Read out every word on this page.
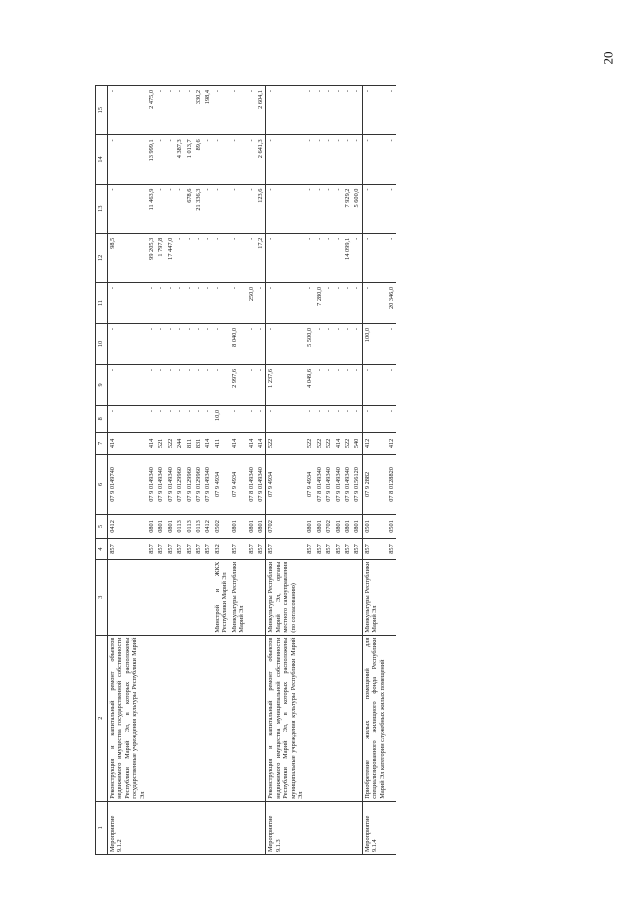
20
1	2	3	4	5	6	7	8	9	10	11	12	13	14	15
Мероприятие 9.1.2	Реконструкция и капитальный ремонт объектов недвижимого имущества государственной собственности Республики Марий Эл, в которых расположены государственные учреждения культуры Республики Марий Эл		857	0412	07 9 0149740	414	-	-	-	-	98,5	-	-	-
			857	0801	07 9 0149340	414	-	-	-	-	99 205,3	11 463,9	13 999,1	2 475,0
			857	0801	07 9 0149340	521	-	-	-	-	1 797,8	-	-	-
			857	0801	07 9 0149340	522	-	-	-	-	17 447,0	-	-	-
			857	0113	07 9 0129960	244	-	-	-	-	-	-	4 387,3	-
			857	0113	07 9 0129960	811	-	-	-	-	-	678,6	1 013,7	-
			857	0113	07 9 0129960	831	-	-	-	-	-	21 336,3	89,6	330,2
			857	0412	07 9 0149340	414	-	-	-	-	-	-	-	198,4
		Минстрой и ЖКХ Республики Марий Эл	832	0502	07 9 4934	411	10,0	-	-	-	-	-	-	-
		Минкультуры Республики Марий Эл	857	0801	07 9 4934	414	-	2 997,6	8 040,0	-	-	-	-	-
			857	0801	07 8 0149340	414	-	-	-	250,0	-	-	-	-
			857	0801	07 9 0149340	414	-	-	-	-	17,2	123,6	2 641,3	2 604,1
Мероприятие 9.1.3	Реконструкция и капитальный ремонт объектов недвижимого имущества муниципальной собственности Республики Марий Эл, в которых расположены муниципальные учреждения культуры Республики Марий Эл	Минкультуры Республики Марий Эл, органы местного самоуправления (по согласованию)	857	0702	07 9 4934	522	-	1 237,6	-	-	-	-	-	-
			857	0801	07 9 4934	522	-	4 049,6	5 500,0	-	-	-	-	-
			857	0801	07 8 0149340	522	-	-	-	7 280,0	-	-	-	-
			857	0702	07 9 0149340	522	-	-	-	-	-	-	-	-
			857	0801	07 9 0149340	414	-	-	-	-	-	-	-	-
			857	0801	07 9 0149340	522	-	-	-	-	14 099,1	7 929,2	-	-
			857	0801	07 9 0156120	540	-	-	-	-	-	5 600,0	-	-
Мероприятие 9.1.4	Приобретение жилых помещений для специализированного жилищного фонда Республики Марий Эл категории служебных жилых помещений	Минкультуры Республики Марий Эл	857	0501	07 9 2882	412	-	-	100,0	-	-	-	-	-
			857	0501	07 8 0128820	412	-	-	-	20 346,0	-	-	-	-
